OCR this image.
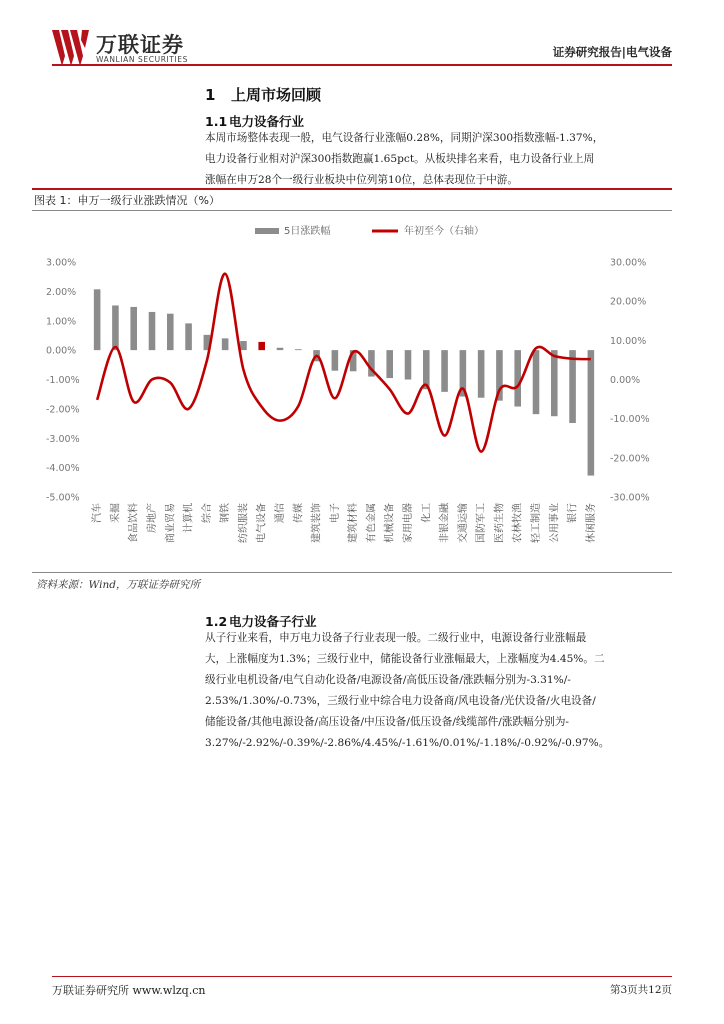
万联证券
WANLIAN SECURITIES
证券研究报告|电气设备
1 上周市场回顾
1.1 电力设备行业
本周市场整体表现一般，电气设备行业涨幅0.28%，同期沪深300指数涨幅-1.37%，
电力设备行业相对沪深300指数跑赢1.65pct。从板块排名来看，电力设备行业上周
涨幅在申万28个一级行业板块中位列第10位，总体表现位于中游。
图表 1：申万一级行业涨跌情况（%）
5日涨跌幅	年初至今（右轴）
3.00%
2.00%
1.00%
0.00%
-1.00%
-2.00%
-3.00%
-4.00%
-5.00%
30.00%
20.00%
10.00%
0.00%
-10.00%
-20.00%
-30.00%
汽车 采掘 食品饮料 房地产 商业贸易 计算机 综合 钢铁 纺织服装 电气设备 通信 传媒 建筑装饰 电子 建筑材料 有色金属 机械设备 家用电器 化工 非银金融 交通运输 国防军工 医药生物 农林牧渔 轻工制造 公用事业 银行 休闲服务
资料来源：Wind，万联证券研究所
1.2 电力设备子行业
从子行业来看，申万电力设备子行业表现一般。二级行业中，电源设备行业涨幅最
大，上涨幅度为1.3%；三级行业中，储能设备行业涨幅最大，上涨幅度为4.45%。二
级行业电机设备/电气自动化设备/电源设备/高低压设备/涨跌幅分别为-3.31%/-
2.53%/1.30%/-0.73%，三级行业中综合电力设备商/风电设备/光伏设备/火电设备/
储能设备/其他电源设备/高压设备/中压设备/低压设备/线缆部件/涨跌幅分别为-
3.27%/-2.92%/-0.39%/-2.86%/4.45%/-1.61%/0.01%/-1.18%/-0.92%/-0.97%。
万联证券研究所 www.wlzq.cn	第3页共12页
